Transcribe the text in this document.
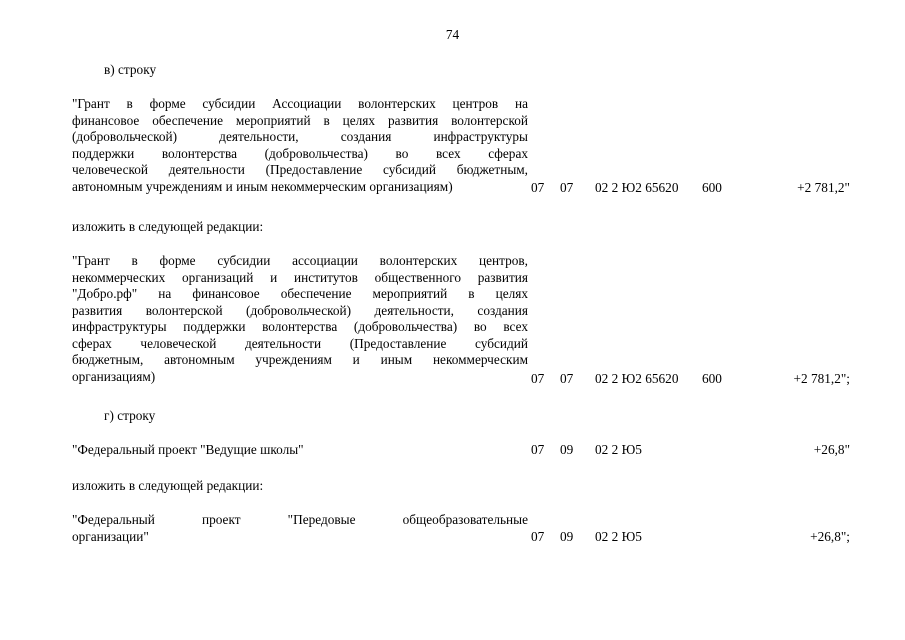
74
в) строку
"Грант в форме субсидии Ассоциации волонтерских центров на
финансовое обеспечение мероприятий в целях развития волонтерской
(добровольческой) деятельности, создания инфраструктуры
поддержки волонтерства (добровольчества) во всех сферах
человеческой деятельности (Предоставление субсидий бюджетным,
автономным учреждениям и иным некоммерческим организациям)	07 07 02 2 Ю2 65620 600	+2 781,2"
изложить в следующей редакции:
"Грант в форме субсидии ассоциации волонтерских центров,
некоммерческих организаций и институтов общественного развития
"Добро.рф" на финансовое обеспечение мероприятий в целях
развития волонтерской (добровольческой) деятельности, создания
инфраструктуры поддержки волонтерства (добровольчества) во всех
сферах человеческой деятельности (Предоставление субсидий
бюджетным, автономным учреждениям и иным некоммерческим
организациям)	07 07 02 2 Ю2 65620 600	+2 781,2";
г) строку
"Федеральный проект "Ведущие школы"	07 09 02 2 Ю5	+26,8"
изложить в следующей редакции:
"Федеральный проект "Передовые общеобразовательные
организации"	07 09 02 2 Ю5	+26,8";
